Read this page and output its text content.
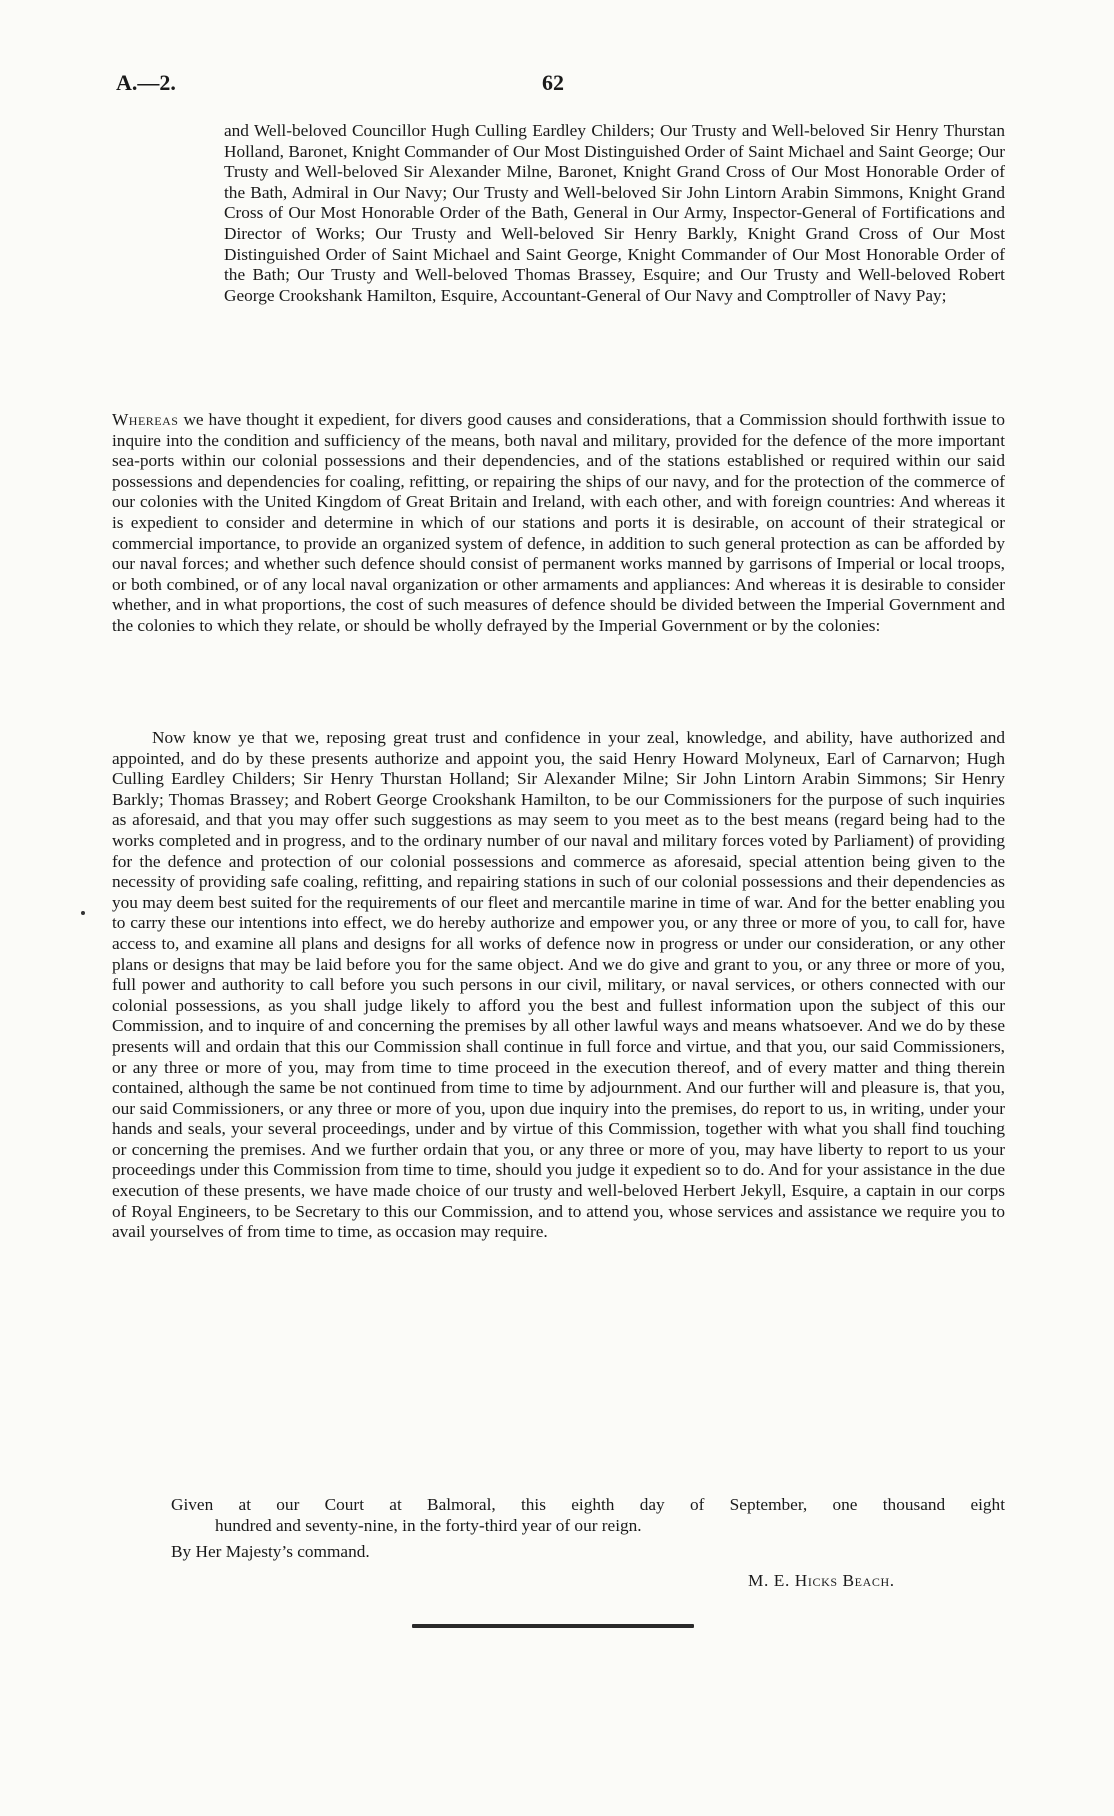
A.—2.	62

and Well-beloved Councillor Hugh Culling Eardley Childers; Our Trusty and Well-beloved Sir Henry Thurstan Holland, Baronet, Knight Commander of Our Most Distinguished Order of Saint Michael and Saint George; Our Trusty and Well-beloved Sir Alexander Milne, Baronet, Knight Grand Cross of Our Most Honorable Order of the Bath, Admiral in Our Navy; Our Trusty and Well-beloved Sir John Lintorn Arabin Simmons, Knight Grand Cross of Our Most Honorable Order of the Bath, General in Our Army, Inspector-General of Fortifications and Director of Works; Our Trusty and Well-beloved Sir Henry Barkly, Knight Grand Cross of Our Most Distinguished Order of Saint Michael and Saint George, Knight Commander of Our Most Honorable Order of the Bath; Our Trusty and Well-beloved Thomas Brassey, Esquire; and Our Trusty and Well-beloved Robert George Crookshank Hamilton, Esquire, Accountant-General of Our Navy and Comptroller of Navy Pay;

Whereas we have thought it expedient, for divers good causes and considerations, that a Commission should forthwith issue to inquire into the condition and sufficiency of the means, both naval and military, provided for the defence of the more important sea-ports within our colonial possessions and their dependencies, and of the stations established or required within our said possessions and dependencies for coaling, refitting, or repairing the ships of our navy, and for the protection of the commerce of our colonies with the United Kingdom of Great Britain and Ireland, with each other, and with foreign countries: And whereas it is expedient to consider and determine in which of our stations and ports it is desirable, on account of their strategical or commercial importance, to provide an organized system of defence, in addition to such general protection as can be afforded by our naval forces; and whether such defence should consist of permanent works manned by garrisons of Imperial or local troops, or both combined, or of any local naval organization or other armaments and appliances: And whereas it is desirable to consider whether, and in what proportions, the cost of such measures of defence should be divided between the Imperial Government and the colonies to which they relate, or should be wholly defrayed by the Imperial Government or by the colonies:

Now know ye that we, reposing great trust and confidence in your zeal, knowledge, and ability, have authorized and appointed, and do by these presents authorize and appoint you, the said Henry Howard Molyneux, Earl of Carnarvon; Hugh Culling Eardley Childers; Sir Henry Thurstan Holland; Sir Alexander Milne; Sir John Lintorn Arabin Simmons; Sir Henry Barkly; Thomas Brassey; and Robert George Crookshank Hamilton, to be our Commissioners for the purpose of such inquiries as aforesaid, and that you may offer such suggestions as may seem to you meet as to the best means (regard being had to the works completed and in progress, and to the ordinary number of our naval and military forces voted by Parliament) of providing for the defence and protection of our colonial possessions and commerce as aforesaid, special attention being given to the necessity of providing safe coaling, refitting, and repairing stations in such of our colonial possessions and their dependencies as you may deem best suited for the requirements of our fleet and mercantile marine in time of war. And for the better enabling you to carry these our intentions into effect, we do hereby authorize and empower you, or any three or more of you, to call for, have access to, and examine all plans and designs for all works of defence now in progress or under our consideration, or any other plans or designs that may be laid before you for the same object. And we do give and grant to you, or any three or more of you, full power and authority to call before you such persons in our civil, military, or naval services, or others connected with our colonial possessions, as you shall judge likely to afford you the best and fullest information upon the subject of this our Commission, and to inquire of and concerning the premises by all other lawful ways and means whatsoever. And we do by these presents will and ordain that this our Commission shall continue in full force and virtue, and that you, our said Commissioners, or any three or more of you, may from time to time proceed in the execution thereof, and of every matter and thing therein contained, although the same be not continued from time to time by adjournment. And our further will and pleasure is, that you, our said Commissioners, or any three or more of you, upon due inquiry into the premises, do report to us, in writing, under your hands and seals, your several proceedings, under and by virtue of this Commission, together with what you shall find touching or concerning the premises. And we further ordain that you, or any three or more of you, may have liberty to report to us your proceedings under this Commission from time to time, should you judge it expedient so to do. And for your assistance in the due execution of these presents, we have made choice of our trusty and well-beloved Herbert Jekyll, Esquire, a captain in our corps of Royal Engineers, to be Secretary to this our Commission, and to attend you, whose services and assistance we require you to avail yourselves of from time to time, as occasion may require.

Given at our Court at Balmoral, this eighth day of September, one thousand eight
hundred and seventy-nine, in the forty-third year of our reign.

By Her Majesty’s command.

M. E. Hicks Beach.
